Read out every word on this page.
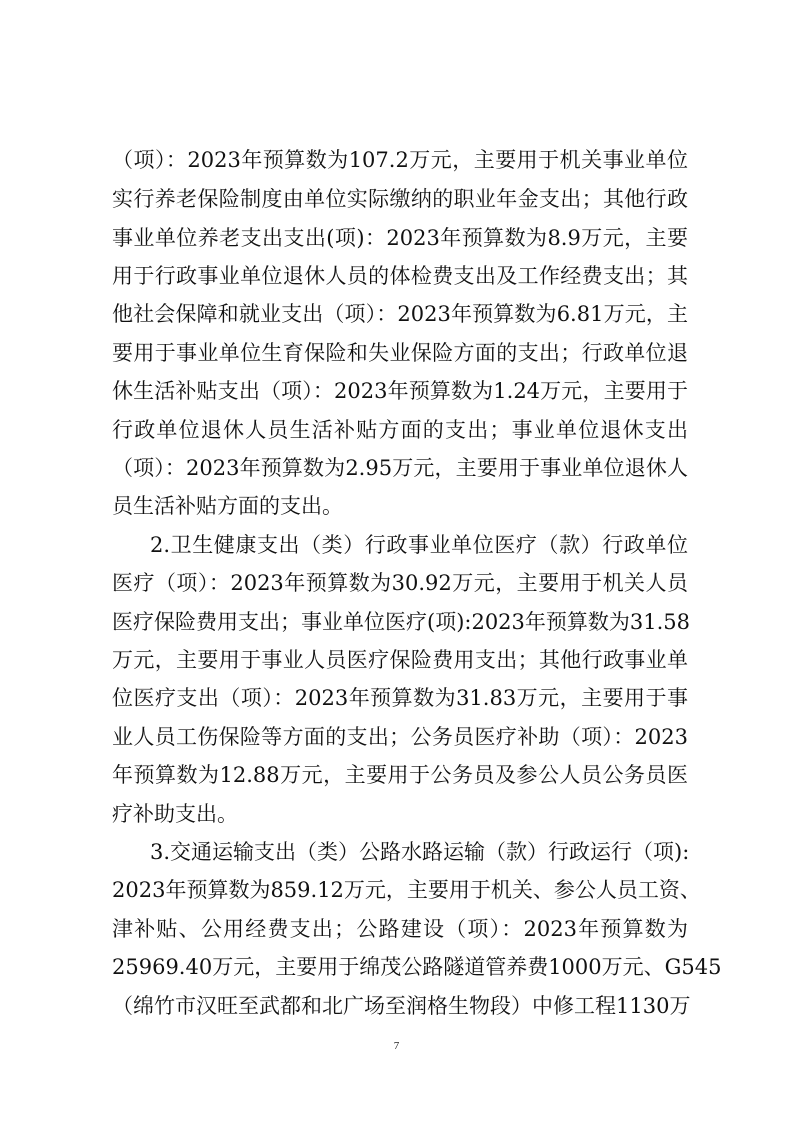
（项）：2023年预算数为107.2万元，主要用于机关事业单位
实行养老保险制度由单位实际缴纳的职业年金支出；其他行政
事业单位养老支出支出(项)：2023年预算数为8.9万元，主要
用于行政事业单位退休人员的体检费支出及工作经费支出；其
他社会保障和就业支出（项）：2023年预算数为6.81万元，主
要用于事业单位生育保险和失业保险方面的支出；行政单位退
休生活补贴支出（项）：2023年预算数为1.24万元，主要用于
行政单位退休人员生活补贴方面的支出；事业单位退休支出
（项）：2023年预算数为2.95万元，主要用于事业单位退休人
员生活补贴方面的支出。
2.卫生健康支出（类）行政事业单位医疗（款）行政单位
医疗（项）：2023年预算数为30.92万元，主要用于机关人员
医疗保险费用支出；事业单位医疗(项):2023年预算数为31.58
万元，主要用于事业人员医疗保险费用支出；其他行政事业单
位医疗支出（项）：2023年预算数为31.83万元，主要用于事
业人员工伤保险等方面的支出；公务员医疗补助（项）：2023
年预算数为12.88万元，主要用于公务员及参公人员公务员医
疗补助支出。
3.交通运输支出（类）公路水路运输（款）行政运行（项):
2023年预算数为859.12万元，主要用于机关、参公人员工资、
津补贴、公用经费支出；公路建设（项）：2023年预算数为
25969.40万元，主要用于绵茂公路隧道管养费1000万元、G545
（绵竹市汉旺至武都和北广场至润格生物段）中修工程1130万
7
